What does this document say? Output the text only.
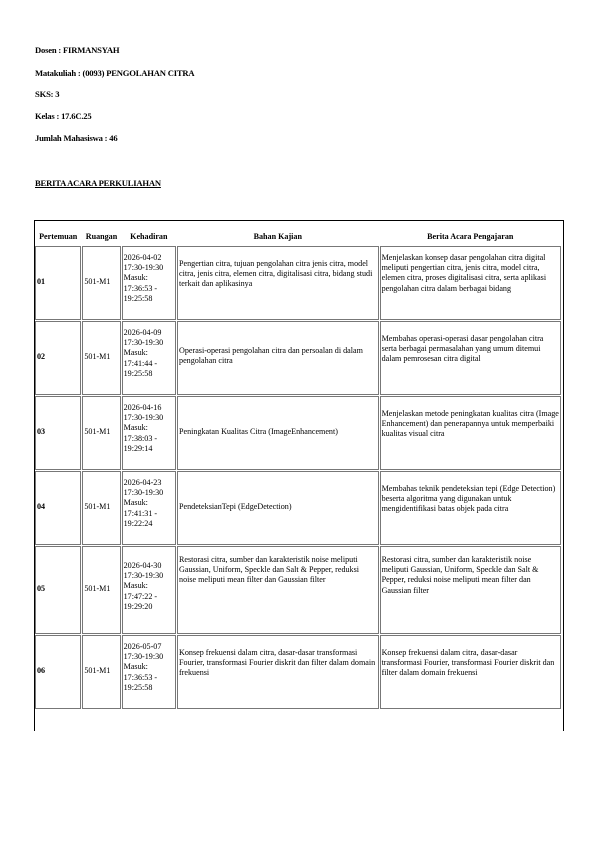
Dosen : FIRMANSYAH
Matakuliah : (0093) PENGOLAHAN CITRA
SKS: 3
Kelas : 17.6C.25
Jumlah Mahasiswa : 46
BERITA ACARA PERKULIAHAN
Pertemuan	Ruangan	Kehadiran	Bahan Kajian	Berita Acara Pengajaran
01	501-M1	2026-04-02
17:30-19:30
Masuk:
17:36:53 -
19:25:58	Pengertian citra, tujuan pengolahan citra jenis citra, model citra, jenis citra, elemen citra, digitalisasi citra, bidang studi terkait dan aplikasinya	Menjelaskan konsep dasar pengolahan citra digital meliputi pengertian citra, jenis citra, model citra, elemen citra, proses digitalisasi citra, serta aplikasi pengolahan citra dalam berbagai bidang
02	501-M1	2026-04-09
17:30-19:30
Masuk:
17:41:44 -
19:25:58	Operasi-operasi pengolahan citra dan persoalan di dalam pengolahan citra	Membahas operasi-operasi dasar pengolahan citra serta berbagai permasalahan yang umum ditemui dalam pemrosesan citra digital
03	501-M1	2026-04-16
17:30-19:30
Masuk:
17:38:03 -
19:29:14	Peningkatan Kualitas Citra (ImageEnhancement)	Menjelaskan metode peningkatan kualitas citra (Image Enhancement) dan penerapannya untuk memperbaiki kualitas visual citra
04	501-M1	2026-04-23
17:30-19:30
Masuk:
17:41:31 -
19:22:24	PendeteksianTepi (EdgeDetection)	Membahas teknik pendeteksian tepi (Edge Detection) beserta algoritma yang digunakan untuk mengidentifikasi batas objek pada citra
05	501-M1	2026-04-30
17:30-19:30
Masuk:
17:47:22 -
19:29:20	Restorasi citra, sumber dan karakteristik noise meliputi Gaussian, Uniform, Speckle dan Salt & Pepper, reduksi noise meliputi mean filter dan Gaussian filter	Restorasi citra, sumber dan karakteristik noise meliputi Gaussian, Uniform, Speckle dan Salt & Pepper, reduksi noise meliputi mean filter dan Gaussian filter
06	501-M1	2026-05-07
17:30-19:30
Masuk:
17:36:53 -
19:25:58	Konsep frekuensi dalam citra, dasar-dasar transformasi Fourier, transformasi Fourier diskrit dan filter dalam domain frekuensi	Konsep frekuensi dalam citra, dasar-dasar transformasi Fourier, transformasi Fourier diskrit dan filter dalam domain frekuensi
